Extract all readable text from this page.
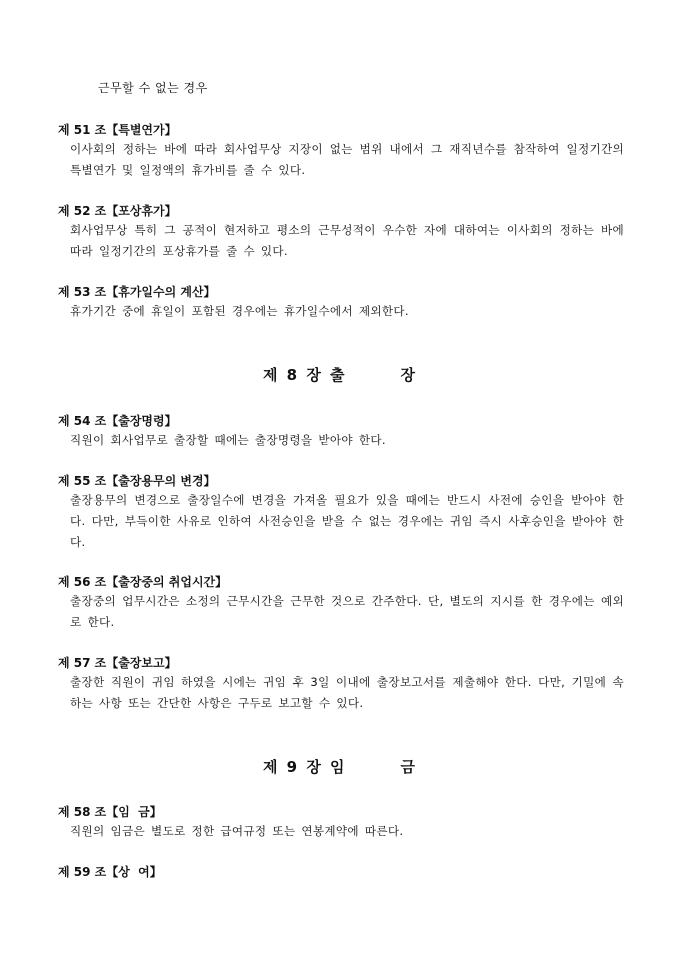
근무할 수 없는 경우
제 51 조【특별연가】
이사회의 정하는 바에 따라 회사업무상 지장이 없는 범위 내에서 그 재직년수를 참작하여 일정기간의 특별연가 및 일정액의 휴가비를 줄 수 있다.
제 52 조【포상휴가】
회사업무상 특히 그 공적이 현저하고 평소의 근무성적이 우수한 자에 대하여는 이사회의 정하는 바에 따라 일정기간의 포상휴가를 줄 수 있다.
제 53 조【휴가일수의 계산】
휴가기간 중에 휴일이 포함된 경우에는 휴가일수에서 제외한다.
제 8 장 출	장
제 54 조【출장명령】
직원이 회사업무로 출장할 때에는 출장명령을 받아야 한다.
제 55 조【출장용무의 변경】
출장용무의 변경으로 출장일수에 변경을 가져올 필요가 있을 때에는 반드시 사전에 승인을 받아야 한다. 다만, 부득이한 사유로 인하여 사전승인을 받을 수 없는 경우에는 귀임 즉시 사후승인을 받아야 한다.
제 56 조【출장중의 취업시간】
출장중의 업무시간은 소정의 근무시간을 근무한 것으로 간주한다. 단, 별도의 지시를 한 경우에는 예외로 한다.
제 57 조【출장보고】
출장한 직원이 귀임 하였을 시에는 귀임 후 3일 이내에 출장보고서를 제출해야 한다. 다만, 기밀에 속하는 사항 또는 간단한 사항은 구두로 보고할 수 있다.
제 9 장 임	금
제 58 조【임  금】
직원의 임금은 별도로 정한 급여규정 또는 연봉계약에 따른다.
제 59 조【상  여】
